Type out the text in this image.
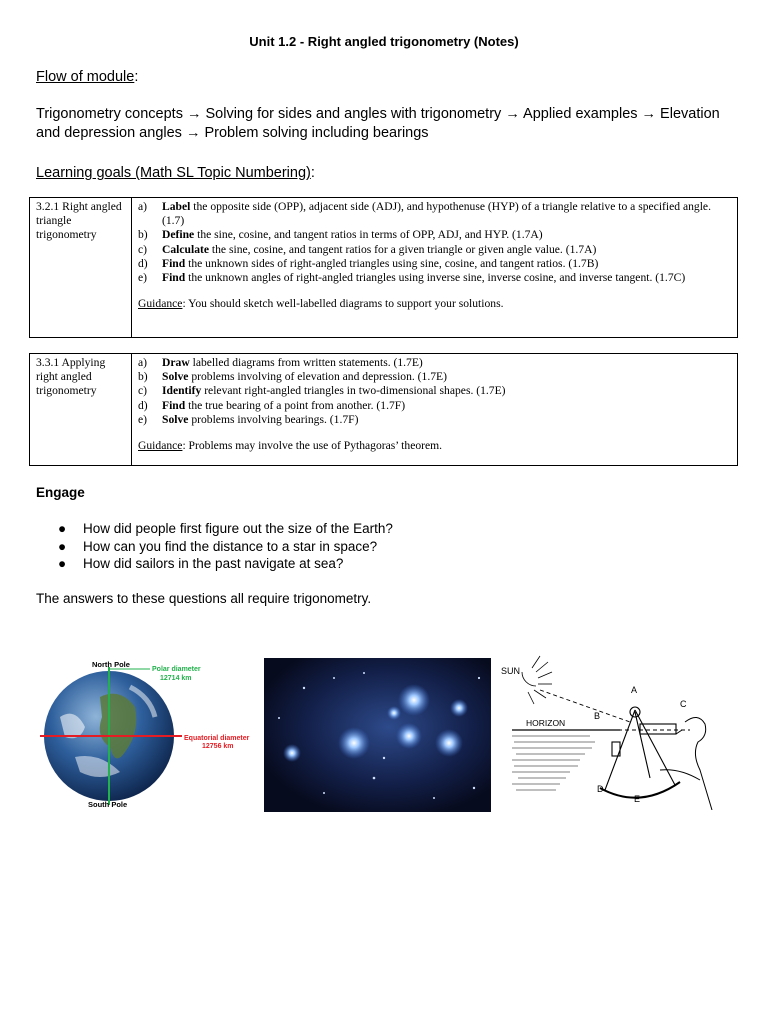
Unit 1.2 - Right angled trigonometry (Notes)
Flow of module:
Trigonometry concepts → Solving for sides and angles with trigonometry → Applied examples → Elevation and depression angles → Problem solving including bearings
Learning goals (Math SL Topic Numbering):
3.2.1 Right angled triangle trigonometry	
a) Label the opposite side (OPP), adjacent side (ADJ), and hypothenuse (HYP) of a triangle relative to a specified angle. (1.7)
b) Define the sine, cosine, and tangent ratios in terms of OPP, ADJ, and HYP. (1.7A)
c) Calculate the sine, cosine, and tangent ratios for a given triangle or given angle value. (1.7A)
d) Find the unknown sides of right-angled triangles using sine, cosine, and tangent ratios. (1.7B)
e) Find the unknown angles of right-angled triangles using inverse sine, inverse cosine, and inverse tangent. (1.7C)
Guidance: You should sketch well-labelled diagrams to support your solutions.
3.3.1 Applying right angled trigonometry	
a) Draw labelled diagrams from written statements. (1.7E)
b) Solve problems involving of elevation and depression. (1.7E)
c) Identify relevant right-angled triangles in two-dimensional shapes. (1.7E)
d) Find the true bearing of a point from another. (1.7F)
e) Solve problems involving bearings. (1.7F)
Guidance: Problems may involve the use of Pythagoras’ theorem.
Engage
● How did people first figure out the size of the Earth?
● How can you find the distance to a star in space?
● How did sailors in the past navigate at sea?
The answers to these questions all require trigonometry.
North Pole
Polar diameter
12714 km
Equatorial diameter
12756 km
South Pole
SUN
HORIZON
A
B
C
D
E
